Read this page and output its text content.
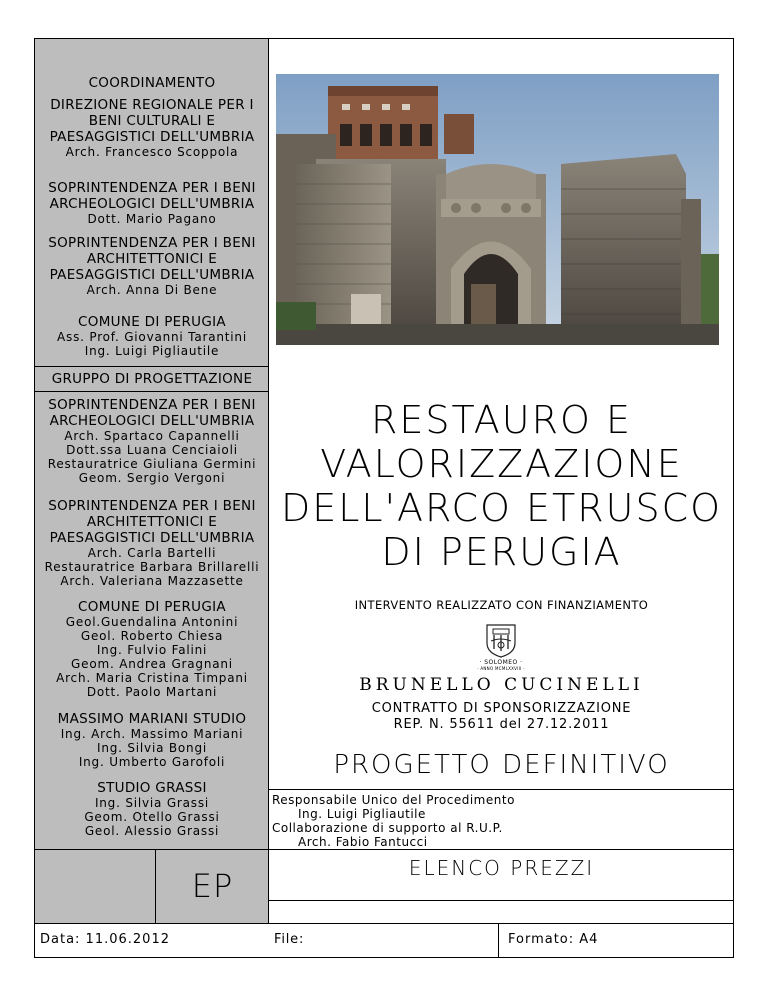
COORDINAMENTO
DIREZIONE REGIONALE PER I
BENI CULTURALI E
PAESAGGISTICI DELL'UMBRIA
Arch. Francesco Scoppola
SOPRINTENDENZA PER I BENI
ARCHEOLOGICI DELL'UMBRIA
Dott. Mario Pagano
SOPRINTENDENZA PER I BENI
ARCHITETTONICI E
PAESAGGISTICI DELL'UMBRIA
Arch. Anna Di Bene
COMUNE DI PERUGIA
Ass. Prof. Giovanni Tarantini
Ing. Luigi Pigliautile
GRUPPO DI PROGETTAZIONE
SOPRINTENDENZA PER I BENI
ARCHEOLOGICI DELL'UMBRIA
Arch. Spartaco Capannelli
Dott.ssa Luana Cenciaioli
Restauratrice Giuliana Germini
Geom. Sergio Vergoni
SOPRINTENDENZA PER I BENI
ARCHITETTONICI E
PAESAGGISTICI DELL'UMBRIA
Arch. Carla Bartelli
Restauratrice Barbara Brillarelli
Arch. Valeriana Mazzasette
COMUNE DI PERUGIA
Geol.Guendalina Antonini
Geol. Roberto Chiesa
Ing. Fulvio Falini
Geom. Andrea Gragnani
Arch. Maria Cristina Timpani
Dott. Paolo Martani
MASSIMO MARIANI STUDIO
Ing. Arch. Massimo Mariani
Ing. Silvia Bongi
Ing. Umberto Garofoli
STUDIO GRASSI
Ing. Silvia Grassi
Geom. Otello Grassi
Geol. Alessio Grassi
RESTAURO E
VALORIZZAZIONE
DELL'ARCO ETRUSCO
DI PERUGIA
INTERVENTO REALIZZATO CON FINANZIAMENTO
· SOLOMEO ·
· ANNO MCMLXXVIII ·
BRUNELLO CUCINELLI
CONTRATTO DI SPONSORIZZAZIONE
REP. N. 55611 del 27.12.2011
PROGETTO DEFINITIVO
Responsabile Unico del Procedimento
Ing. Luigi Pigliautile
Collaborazione di supporto al R.U.P.
Arch. Fabio Fantucci
ELENCO PREZZI
EP
Data: 11.06.2012	File:	Formato: A4
